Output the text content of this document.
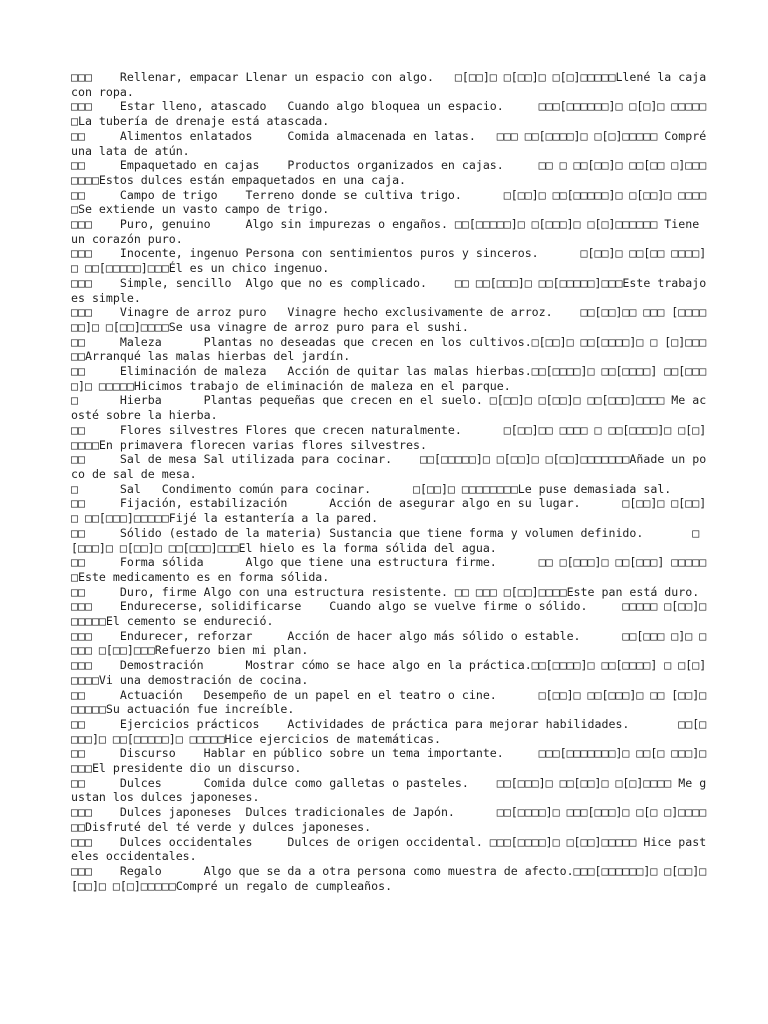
□□□    Rellenar, empacar Llenar un espacio con algo.   □[□□]□ □[□□]□ □[□]□□□□□Llené la caja con ropa.

□□□    Estar lleno, atascado   Cuando algo bloquea un espacio.     □□□[□□□□□□]□ □[□]□ □□□□□□La tubería de drenaje está atascada.

□□     Alimentos enlatados     Comida almacenada en latas.   □□□ □□[□□□□]□ □[□]□□□□□ Compré una lata de atún.

□□     Empaquetado en cajas    Productos organizados en cajas.     □□ □ □□[□□]□ □□[□□ □]□□□□□□□Estos dulces están empaquetados en una caja.

□□     Campo de trigo    Terreno donde se cultiva trigo.      □[□□]□ □□[□□□□□]□ □[□□]□ □□□□□Se extiende un vasto campo de trigo.

□□□    Puro, genuino     Algo sin impurezas o engaños. □□[□□□□□]□ □[□□□]□ □[□]□□□□□□ Tiene un corazón puro.

□□□    Inocente, ingenuo Persona con sentimientos puros y sinceros.      □[□□]□ □□[□□ □□□□]□ □□[□□□□□]□□□Él es un chico ingenuo.

□□□    Simple, sencillo  Algo que no es complicado.    □□ □□[□□□]□ □□[□□□□□]□□□Este trabajo es simple.

□□□    Vinagre de arroz puro   Vinagre hecho exclusivamente de arroz.    □□[□□]□□ □□□ [□□□□□□]□ □[□□]□□□□Se usa vinagre de arroz puro para el sushi.

□□     Maleza      Plantas no deseadas que crecen en los cultivos.□[□□]□ □□[□□□□]□ □ [□]□□□□□Arranqué las malas hierbas del jardín.

□□     Eliminación de maleza   Acción de quitar las malas hierbas.□□[□□□□]□ □□[□□□□] □□[□□□□]□ □□□□□Hicimos trabajo de eliminación de maleza en el parque.

□      Hierba      Plantas pequeñas que crecen en el suelo. □[□□]□ □[□□]□ □□[□□□]□□□□ Me acosté sobre la hierba.

□□     Flores silvestres Flores que crecen naturalmente.      □[□□]□□ □□□□ □ □□[□□□□]□ □[□]□□□□En primavera florecen varias flores silvestres.

□□     Sal de mesa Sal utilizada para cocinar.    □□[□□□□□]□ □[□□]□ □[□□]□□□□□□□Añade un poco de sal de mesa.

□      Sal   Condimento común para cocinar.      □[□□]□ □□□□□□□□Le puse demasiada sal.

□□     Fijación, estabilización      Acción de asegurar algo en su lugar.      □[□□]□ □[□□]□ □□[□□□]□□□□□Fijé la estantería a la pared.

□□     Sólido (estado de la materia) Sustancia que tiene forma y volumen definido.       □[□□□]□ □[□□]□ □□[□□□]□□□El hielo es la forma sólida del agua.

□□     Forma sólida      Algo que tiene una estructura firme.      □□ □[□□□]□ □□[□□□] □□□□□□Este medicamento es en forma sólida.

□□     Duro, firme Algo con una estructura resistente. □□ □□□ □[□□]□□□□Este pan está duro.

□□□    Endurecerse, solidificarse    Cuando algo se vuelve firme o sólido.     □□□□□ □[□□]□□□□□□El cemento se endureció.

□□□    Endurecer, reforzar     Acción de hacer algo más sólido o estable.      □□[□□□ □]□ □□□□ □[□□]□□□Refuerzo bien mi plan.

□□□    Demostración      Mostrar cómo se hace algo en la práctica.□□[□□□□]□ □□[□□□□] □ □[□]□□□□Vi una demostración de cocina.

□□     Actuación   Desempeño de un papel en el teatro o cine.      □[□□]□ □□[□□□]□ □□ [□□]□□□□□□Su actuación fue increíble.

□□     Ejercicios prácticos    Actividades de práctica para mejorar habilidades.       □□[□□□□]□ □□[□□□□□]□ □□□□□Hice ejercicios de matemáticas.

□□     Discurso    Hablar en público sobre un tema importante.     □□□[□□□□□□□]□ □□[□ □□□]□ □□□El presidente dio un discurso.

□□     Dulces      Comida dulce como galletas o pasteles.    □□[□□□]□ □□[□□]□ □[□]□□□□ Me gustan los dulces japoneses.

□□□    Dulces japoneses  Dulces tradicionales de Japón.      □□[□□□□]□ □□□[□□□]□ □[□ □]□□□□□□Disfruté del té verde y dulces japoneses.

□□□    Dulces occidentales     Dulces de origen occidental. □□□[□□□□]□ □[□□]□□□□□ Hice pasteles occidentales.

□□□    Regalo      Algo que se da a otra persona como muestra de afecto.□□□[□□□□□□]□ □[□□]□[□□]□ □[□]□□□□□Compré un regalo de cumpleaños.
